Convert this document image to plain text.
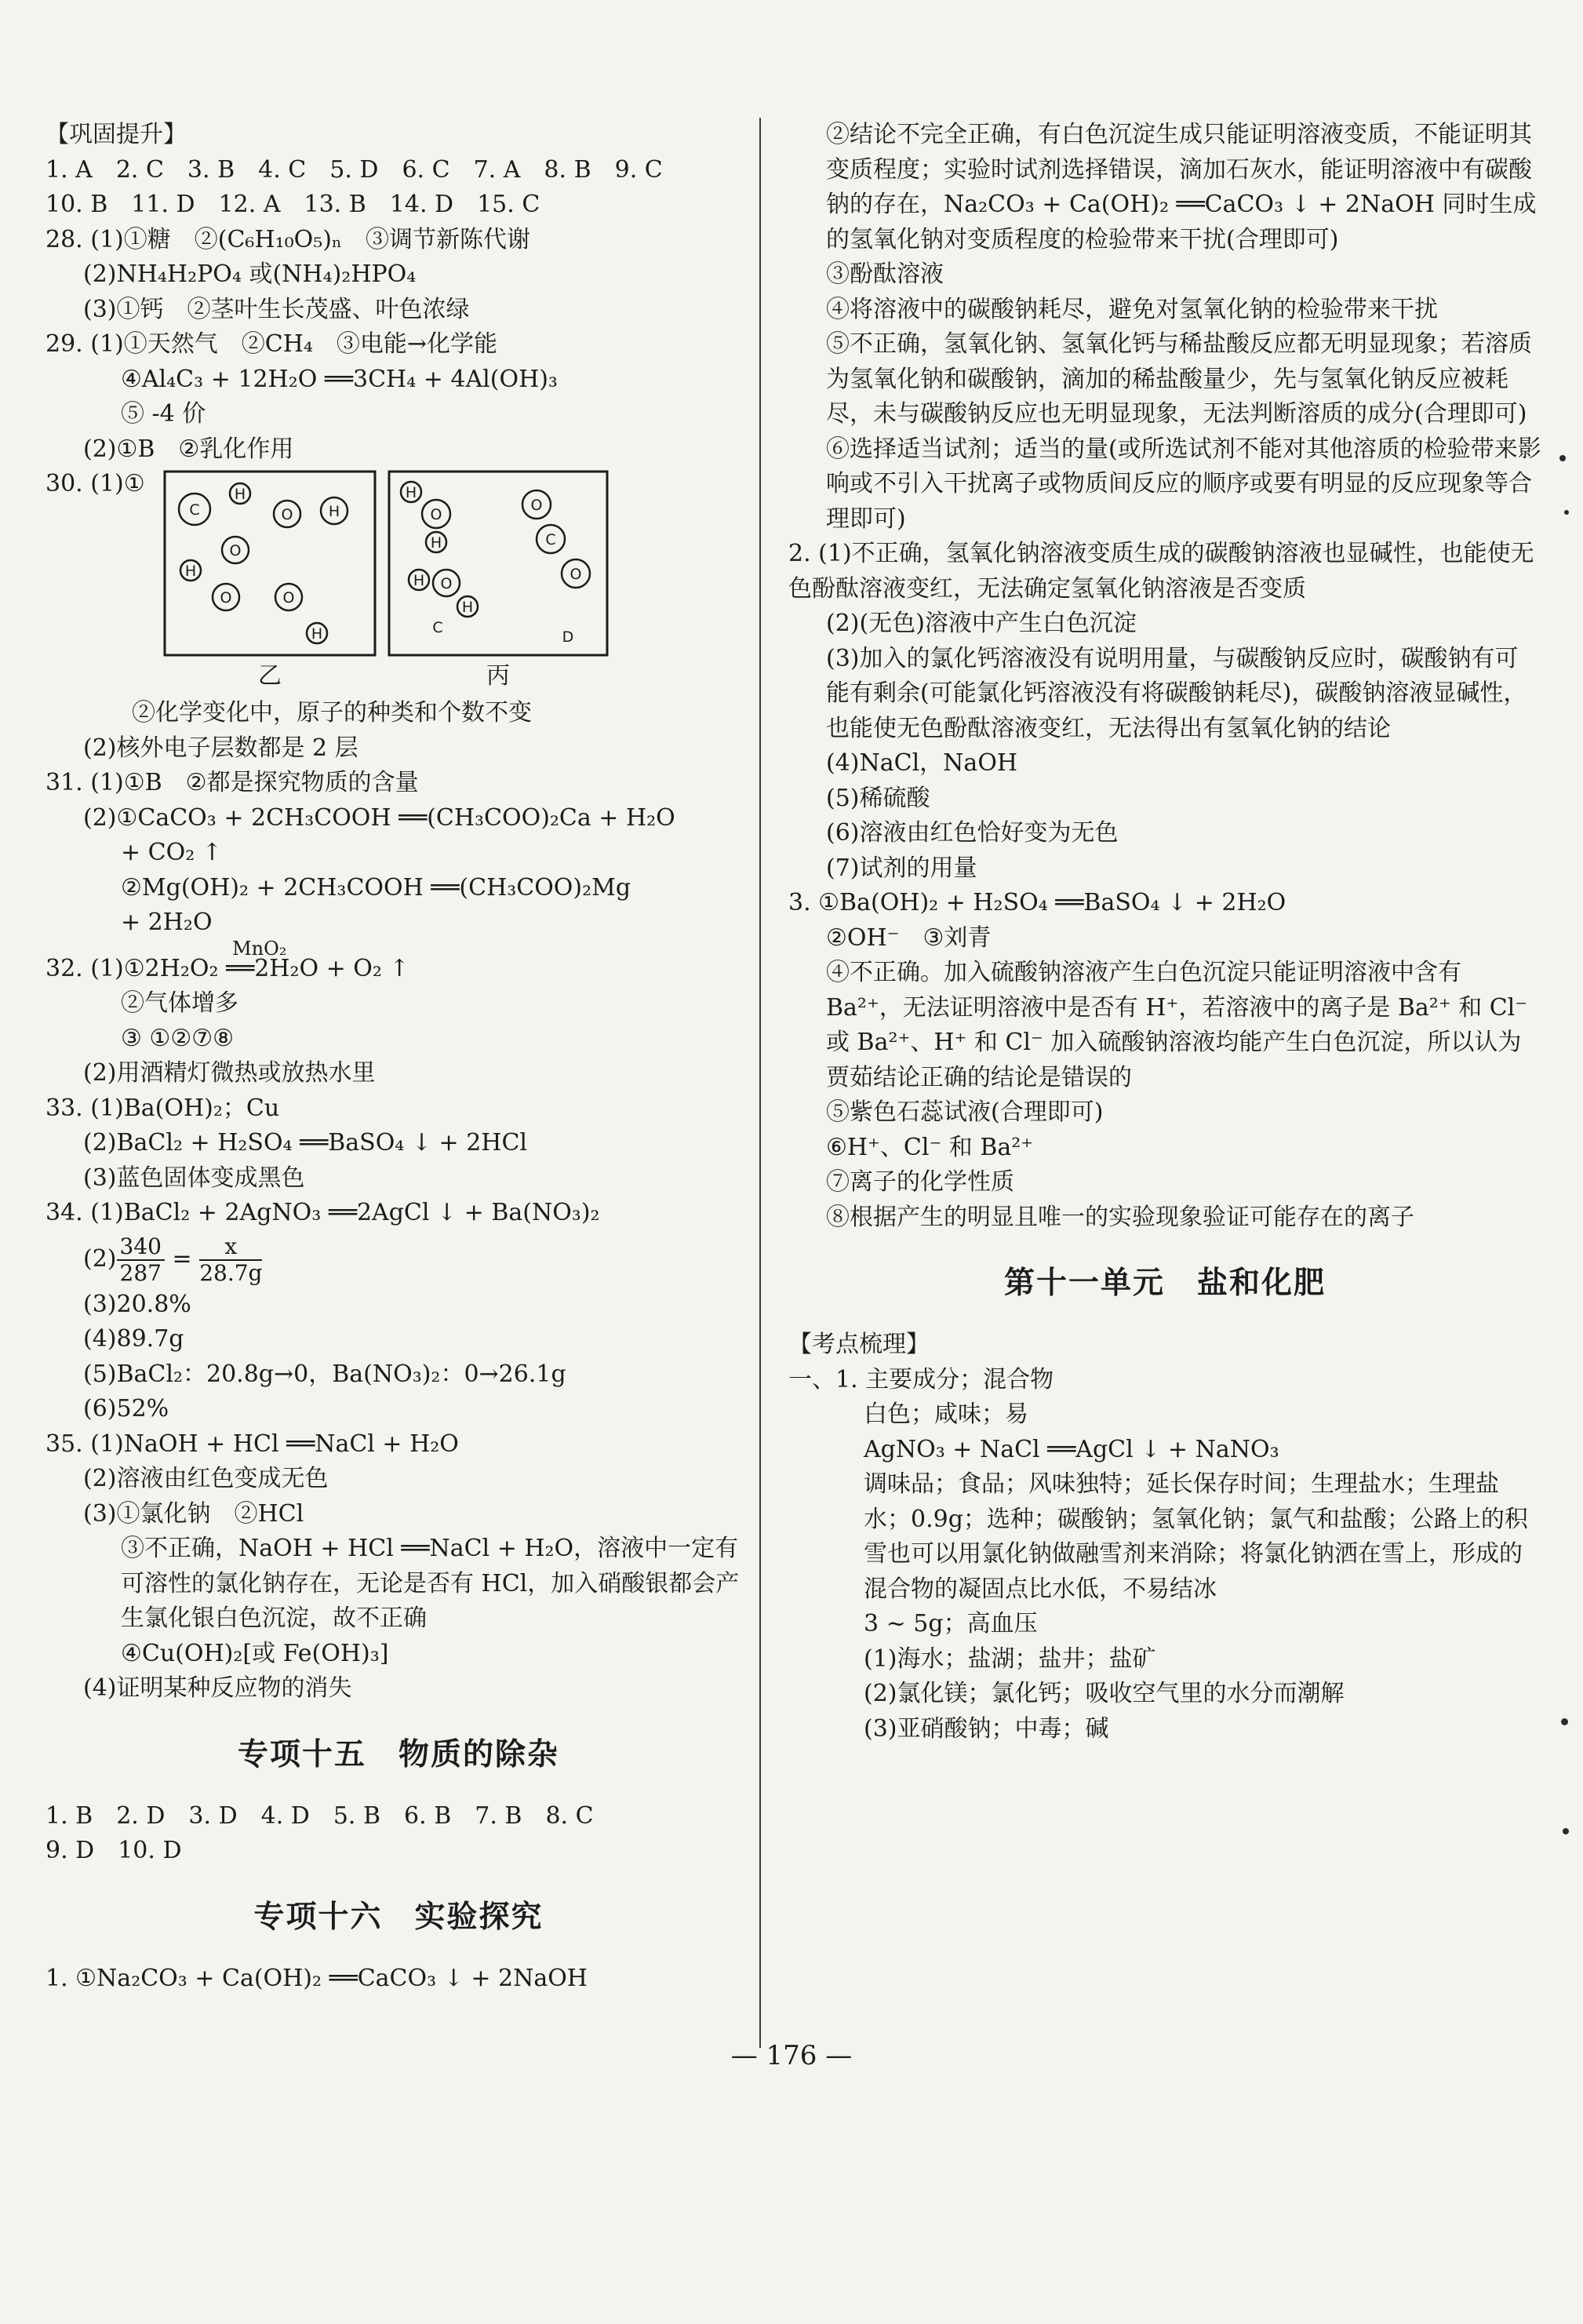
【巩固提升】
1. A　2. C　3. B　4. C　5. D　6. C　7. A　8. B　9. C
10. B　11. D　12. A　13. B　14. D　15. C
28. (1)①糖　②(C₆H₁₀O₅)ₙ　③调节新陈代谢
(2)NH₄H₂PO₄ 或(NH₄)₂HPO₄
(3)①钙　②茎叶生长茂盛、叶色浓绿
29. (1)①天然气　②CH₄　③电能→化学能
④Al₄C₃ + 12H₂O ══3CH₄ + 4Al(OH)₃
⑤ -4 价
(2)①B　②乳化作用
30. (1)①
C
H
O H
O
H
O	O
H
H
O
O
C
H
O
H O
H
C
D
乙	丙
②化学变化中，原子的种类和个数不变
(2)核外电子层数都是 2 层
31. (1)①B　②都是探究物质的含量
(2)①CaCO₃ + 2CH₃COOH ══(CH₃COO)₂Ca + H₂O
+ CO₂ ↑
②Mg(OH)₂ + 2CH₃COOH ══(CH₃COO)₂Mg
+ 2H₂O
32. (1)①2H₂O₂
MnO₂
══2H₂O + O₂ ↑
②气体增多
③ ①②⑦⑧
(2)用酒精灯微热或放热水里
33. (1)Ba(OH)₂；Cu
(2)BaCl₂ + H₂SO₄ ══BaSO₄ ↓ + 2HCl
(3)蓝色固体变成黑色
34. (1)BaCl₂ + 2AgNO₃ ══2AgCl ↓ + Ba(NO₃)₂
$(2) \frac{340}{287} = \frac{x}{28.7g}$
(3)20.8%
(4)89.7g
(5)BaCl₂：20.8g→0，Ba(NO₃)₂：0→26.1g
(6)52%
35. (1)NaOH + HCl ══NaCl + H₂O
(2)溶液由红色变成无色
(3)①氯化钠　②HCl
③不正确，NaOH + HCl ══NaCl + H₂O，溶液中一定有可溶性的氯化钠存在，无论是否有 HCl，加入硝酸银都会产生氯化银白色沉淀，故不正确
④Cu(OH)₂[或 Fe(OH)₃]
(4)证明某种反应物的消失
专项十五　物质的除杂
1. B　2. D　3. D　4. D　5. B　6. B　7. B　8. C
9. D　10. D
专项十六　实验探究
1. ①Na₂CO₃ + Ca(OH)₂ ══CaCO₃ ↓ + 2NaOH
②结论不完全正确，有白色沉淀生成只能证明溶液变质，不能证明其变质程度；实验时试剂选择错误，滴加石灰水，能证明溶液中有碳酸钠的存在，Na₂CO₃ + Ca(OH)₂ ══CaCO₃ ↓ + 2NaOH 同时生成的氢氧化钠对变质程度的检验带来干扰(合理即可)
③酚酞溶液
④将溶液中的碳酸钠耗尽，避免对氢氧化钠的检验带来干扰
⑤不正确，氢氧化钠、氢氧化钙与稀盐酸反应都无明显现象；若溶质为氢氧化钠和碳酸钠，滴加的稀盐酸量少，先与氢氧化钠反应被耗尽，未与碳酸钠反应也无明显现象，无法判断溶质的成分(合理即可)
⑥选择适当试剂；适当的量(或所选试剂不能对其他溶质的检验带来影响或不引入干扰离子或物质间反应的顺序或要有明显的反应现象等合理即可)
2. (1)不正确，氢氧化钠溶液变质生成的碳酸钠溶液也显碱性，也能使无色酚酞溶液变红，无法确定氢氧化钠溶液是否变质
(2)(无色)溶液中产生白色沉淀
(3)加入的氯化钙溶液没有说明用量，与碳酸钠反应时，碳酸钠有可能有剩余(可能氯化钙溶液没有将碳酸钠耗尽)，碳酸钠溶液显碱性，也能使无色酚酞溶液变红，无法得出有氢氧化钠的结论
(4)NaCl，NaOH
(5)稀硫酸
(6)溶液由红色恰好变为无色
(7)试剂的用量
3. ①Ba(OH)₂ + H₂SO₄ ══BaSO₄ ↓ + 2H₂O
②OH⁻　③刘青
④不正确。加入硫酸钠溶液产生白色沉淀只能证明溶液中含有 Ba²⁺，无法证明溶液中是否有 H⁺，若溶液中的离子是 Ba²⁺ 和 Cl⁻ 或 Ba²⁺、H⁺ 和 Cl⁻ 加入硫酸钠溶液均能产生白色沉淀，所以认为贾茹结论正确的结论是错误的
⑤紫色石蕊试液(合理即可)
⑥H⁺、Cl⁻ 和 Ba²⁺
⑦离子的化学性质
⑧根据产生的明显且唯一的实验现象验证可能存在的离子
第十一单元　盐和化肥
【考点梳理】
一、1. 主要成分；混合物
白色；咸味；易
AgNO₃ + NaCl ══AgCl ↓ + NaNO₃
调味品；食品；风味独特；延长保存时间；生理盐水；生理盐水；0.9g；选种；碳酸钠；氢氧化钠；氯气和盐酸；公路上的积雪也可以用氯化钠做融雪剂来消除；将氯化钠洒在雪上，形成的混合物的凝固点比水低，不易结冰
3 ~ 5g；高血压
(1)海水；盐湖；盐井；盐矿
(2)氯化镁；氯化钙；吸收空气里的水分而潮解
(3)亚硝酸钠；中毒；碱
— 176 —
